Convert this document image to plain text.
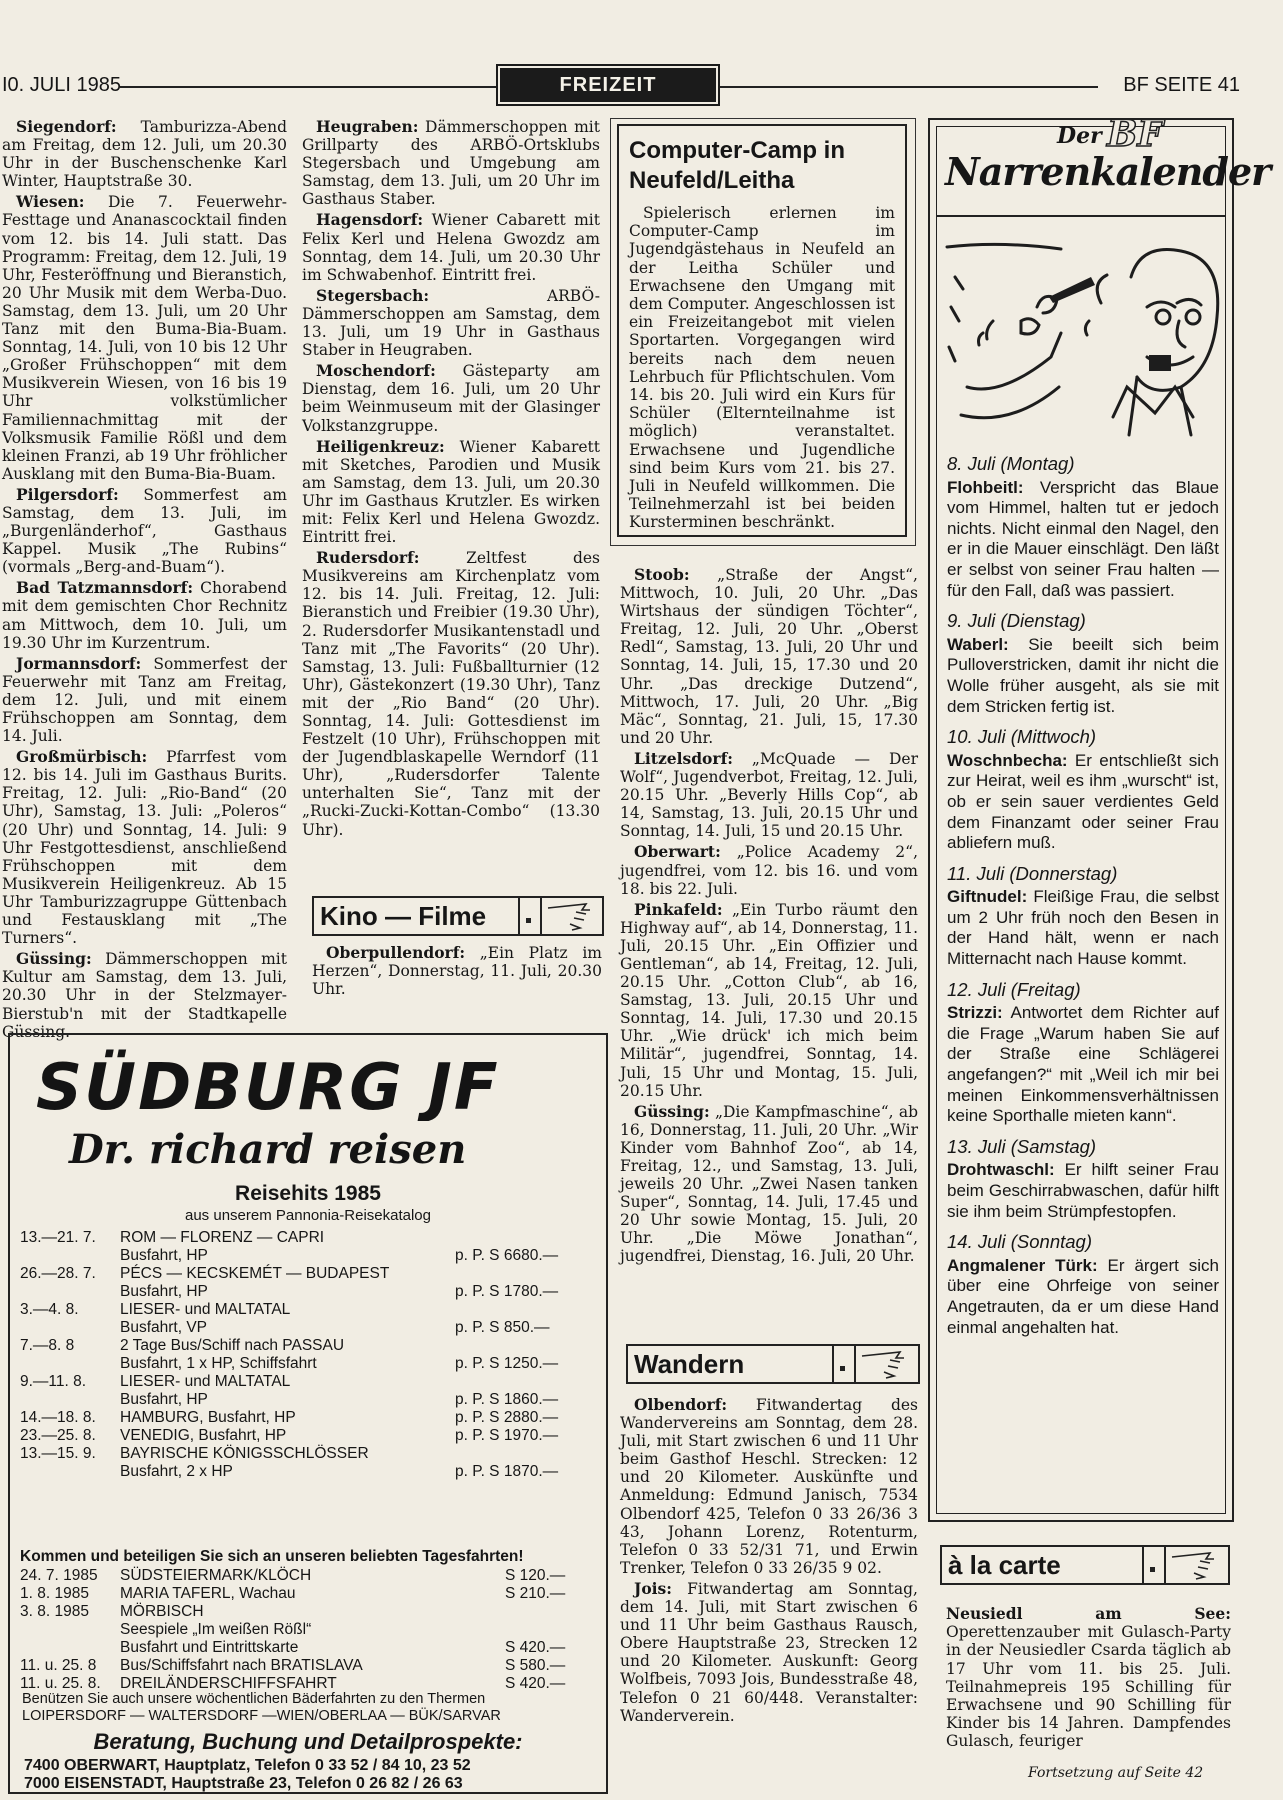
I0. JULI 1985	FREIZEIT	BF SEITE 41

Siegendorf: Tamburizza-Abend am Freitag, dem 12. Juli, um 20.30 Uhr in der Buschenschenke Karl Winter, Hauptstraße 30.

Wiesen: Die 7. Feuerwehr-Festtage und Ananascocktail finden vom 12. bis 14. Juli statt. Das Programm: Freitag, dem 12. Juli, 19 Uhr, Festeröffnung und Bieranstich, 20 Uhr Musik mit dem Werba-Duo. Samstag, dem 13. Juli, um 20 Uhr Tanz mit den Buma-Bia-Buam. Sonntag, 14. Juli, von 10 bis 12 Uhr „Großer Frühschoppen“ mit dem Musikverein Wiesen, von 16 bis 19 Uhr volkstümlicher Familiennachmittag mit der Volksmusik Familie Rößl und dem kleinen Franzi, ab 19 Uhr fröhlicher Ausklang mit den Buma-Bia-Buam.

Pilgersdorf: Sommerfest am Samstag, dem 13. Juli, im „Burgenländerhof“, Gasthaus Kappel. Musik „The Rubins“ (vormals „Berg-and-Buam“).

Bad Tatzmannsdorf: Chorabend mit dem gemischten Chor Rechnitz am Mittwoch, dem 10. Juli, um 19.30 Uhr im Kurzentrum.

Jormannsdorf: Sommerfest der Feuerwehr mit Tanz am Freitag, dem 12. Juli, und mit einem Frühschoppen am Sonntag, dem 14. Juli.

Großmürbisch: Pfarrfest vom 12. bis 14. Juli im Gasthaus Burits. Freitag, 12. Juli: „Rio-Band“ (20 Uhr), Samstag, 13. Juli: „Poleros“ (20 Uhr) und Sonntag, 14. Juli: 9 Uhr Festgottesdienst, anschließend Frühschoppen mit dem Musikverein Heiligenkreuz. Ab 15 Uhr Tamburizzagruppe Güttenbach und Festausklang mit „The Turners“.

Güssing: Dämmerschoppen mit Kultur am Samstag, dem 13. Juli, 20.30 Uhr in der Stelzmayer-Bierstub'n mit der Stadtkapelle Güssing.

Heugraben: Dämmerschoppen mit Grillparty des ARBÖ-Ortsklubs Stegersbach und Umgebung am Samstag, dem 13. Juli, um 20 Uhr im Gasthaus Staber.

Hagensdorf: Wiener Cabarett mit Felix Kerl und Helena Gwozdz am Sonntag, dem 14. Juli, um 20.30 Uhr im Schwabenhof. Eintritt frei.

Stegersbach: ARBÖ-Dämmerschoppen am Samstag, dem 13. Juli, um 19 Uhr in Gasthaus Staber in Heugraben.

Moschendorf: Gästeparty am Dienstag, dem 16. Juli, um 20 Uhr beim Weinmuseum mit der Glasinger Volkstanzgruppe.

Heiligenkreuz: Wiener Kabarett mit Sketches, Parodien und Musik am Samstag, dem 13. Juli, um 20.30 Uhr im Gasthaus Krutzler. Es wirken mit: Felix Kerl und Helena Gwozdz. Eintritt frei.

Rudersdorf: Zeltfest des Musikvereins am Kirchenplatz vom 12. bis 14. Juli. Freitag, 12. Juli: Bieranstich und Freibier (19.30 Uhr), 2. Rudersdorfer Musikantenstadl und Tanz mit „The Favorits“ (20 Uhr). Samstag, 13. Juli: Fußballturnier (12 Uhr), Gästekonzert (19.30 Uhr), Tanz mit der „Rio Band“ (20 Uhr). Sonntag, 14. Juli: Gottesdienst im Festzelt (10 Uhr), Frühschoppen mit der Jugendblaskapelle Werndorf (11 Uhr), „Rudersdorfer Talente unterhalten Sie“, Tanz mit der „Rucki-Zucki-Kottan-Combo“ (13.30 Uhr).

Kino — Filme

Oberpullendorf: „Ein Platz im Herzen“, Donnerstag, 11. Juli, 20.30 Uhr.

Computer-Camp in Neufeld/Leitha
Spielerisch erlernen im Computer-Camp im Jugendgästehaus in Neufeld an der Leitha Schüler und Erwachsene den Umgang mit dem Computer. Angeschlossen ist ein Freizeitangebot mit vielen Sportarten. Vorgegangen wird bereits nach dem neuen Lehrbuch für Pflichtschulen. Vom 14. bis 20. Juli wird ein Kurs für Schüler (Elternteilnahme ist möglich) veranstaltet. Erwachsene und Jugendliche sind beim Kurs vom 21. bis 27. Juli in Neufeld willkommen. Die Teilnehmerzahl ist bei beiden Kursterminen beschränkt.

Stoob: „Straße der Angst“, Mittwoch, 10. Juli, 20 Uhr. „Das Wirtshaus der sündigen Töchter“, Freitag, 12. Juli, 20 Uhr. „Oberst Redl“, Samstag, 13. Juli, 20 Uhr und Sonntag, 14. Juli, 15, 17.30 und 20 Uhr. „Das dreckige Dutzend“, Mittwoch, 17. Juli, 20 Uhr. „Big Mäc“, Sonntag, 21. Juli, 15, 17.30 und 20 Uhr.

Litzelsdorf: „McQuade — Der Wolf“, Jugendverbot, Freitag, 12. Juli, 20.15 Uhr. „Beverly Hills Cop“, ab 14, Samstag, 13. Juli, 20.15 Uhr und Sonntag, 14. Juli, 15 und 20.15 Uhr.

Oberwart: „Police Academy 2“, jugendfrei, vom 12. bis 16. und vom 18. bis 22. Juli.

Pinkafeld: „Ein Turbo räumt den Highway auf“, ab 14, Donnerstag, 11. Juli, 20.15 Uhr. „Ein Offizier und Gentleman“, ab 14, Freitag, 12. Juli, 20.15 Uhr. „Cotton Club“, ab 16, Samstag, 13. Juli, 20.15 Uhr und Sonntag, 14. Juli, 17.30 und 20.15 Uhr. „Wie drück' ich mich beim Militär“, jugendfrei, Sonntag, 14. Juli, 15 Uhr und Montag, 15. Juli, 20.15 Uhr.

Güssing: „Die Kampfmaschine“, ab 16, Donnerstag, 11. Juli, 20 Uhr. „Wir Kinder vom Bahnhof Zoo“, ab 14, Freitag, 12., und Samstag, 13. Juli, jeweils 20 Uhr. „Zwei Nasen tanken Super“, Sonntag, 14. Juli, 17.45 und 20 Uhr sowie Montag, 15. Juli, 20 Uhr. „Die Möwe Jonathan“, jugendfrei, Dienstag, 16. Juli, 20 Uhr.

Wandern

Olbendorf: Fitwandertag des Wandervereins am Sonntag, dem 28. Juli, mit Start zwischen 6 und 11 Uhr beim Gasthof Heschl. Strecken: 12 und 20 Kilometer. Auskünfte und Anmeldung: Edmund Janisch, 7534 Olbendorf 425, Telefon 0 33 26/36 3 43, Johann Lorenz, Rotenturm, Telefon 0 33 52/31 71, und Erwin Trenker, Telefon 0 33 26/35 9 02.

Jois: Fitwandertag am Sonntag, dem 14. Juli, mit Start zwischen 6 und 11 Uhr beim Gasthaus Rausch, Obere Hauptstraße 23, Strecken 12 und 20 Kilometer. Auskunft: Georg Wolfbeis, 7093 Jois, Bundesstraße 48, Telefon 0 21 60/448. Veranstalter: Wanderverein.

Der BF
Narrenkalender
8. Juli (Montag)

Flohbeitl: Verspricht das Blaue vom Himmel, halten tut er jedoch nichts. Nicht einmal den Nagel, den er in die Mauer einschlägt. Den läßt er selbst von seiner Frau halten — für den Fall, daß was passiert.

9. Juli (Dienstag)

Waberl: Sie beeilt sich beim Pulloverstricken, damit ihr nicht die Wolle früher ausgeht, als sie mit dem Stricken fertig ist.

10. Juli (Mittwoch)

Woschnbecha: Er entschließt sich zur Heirat, weil es ihm „wurscht“ ist, ob er sein sauer verdientes Geld dem Finanzamt oder seiner Frau abliefern muß.

11. Juli (Donnerstag)

Giftnudel: Fleißige Frau, die selbst um 2 Uhr früh noch den Besen in der Hand hält, wenn er nach Mitternacht nach Hause kommt.

12. Juli (Freitag)

Strizzi: Antwortet dem Richter auf die Frage „Warum haben Sie auf der Straße eine Schlägerei angefangen?“ mit „Weil ich mir bei meinen Einkommensverhältnissen keine Sporthalle mieten kann“.

13. Juli (Samstag)

Drohtwaschl: Er hilft seiner Frau beim Geschirrabwaschen, dafür hilft sie ihm beim Strümpfestopfen.

14. Juli (Sonntag)

Angmalener Türk: Er ärgert sich über eine Ohrfeige von seiner Angetrauten, da er um diese Hand einmal angehalten hat.

à la carte

Neusiedl am See: Operettenzauber mit Gulasch-Party in der Neusiedler Csarda täglich ab 17 Uhr vom 11. bis 25. Juli. Teilnahmepreis 195 Schilling für Erwachsene und 90 Schilling für Kinder bis 14 Jahren. Dampfendes Gulasch, feuriger

Fortsetzung auf Seite 42
SÜDBURG JF
Dr. richard reisen
Reisehits 1985
aus unserem Pannonia-Reisekatalog
13.—21. 7.	ROM — FLORENZ — CAPRI
Busfahrt, HP	p. P. S 6680.—
26.—28. 7.	PÉCS — KECSKEMÉT — BUDAPEST
Busfahrt, HP	p. P. S 1780.—
3.—4. 8.	LIESER- und MALTATAL
Busfahrt, VP	p. P. S 850.—
7.—8. 8	2 Tage Bus/Schiff nach PASSAU
Busfahrt, 1 x HP, Schiffsfahrt	p. P. S 1250.—
9.—11. 8.	LIESER- und MALTATAL
Busfahrt, HP	p. P. S 1860.—
14.—18. 8.	HAMBURG, Busfahrt, HP	p. P. S 2880.—
23.—25. 8.	VENEDIG, Busfahrt, HP	p. P. S 1970.—
13.—15. 9.	BAYRISCHE KÖNIGSSCHLÖSSER
Busfahrt, 2 x HP	p. P. S 1870.—
Kommen und beteiligen Sie sich an unseren beliebten Tagesfahrten!
24. 7. 1985	SÜDSTEIERMARK/KLÖCH	S 120.—
1. 8. 1985	MARIA TAFERL, Wachau	S 210.—
3. 8. 1985	MÖRBISCH
Seespiele „Im weißen Rößl“
Busfahrt und Eintrittskarte	S 420.—
11. u. 25. 8	Bus/Schiffsfahrt nach BRATISLAVA	S 580.—
11. u. 25. 8.	DREILÄNDERSCHIFFSFAHRT	S 420.—
Benützen Sie auch unsere wöchentlichen Bäderfahrten zu den Thermen
LOIPERSDORF — WALTERSDORF —WIEN/OBERLAA — BÜK/SARVAR
Beratung, Buchung und Detailprospekte:
7400 OBERWART, Hauptplatz, Telefon 0 33 52 / 84 10, 23 52
7000 EISENSTADT, Hauptstraße 23, Telefon 0 26 82 / 26 63
